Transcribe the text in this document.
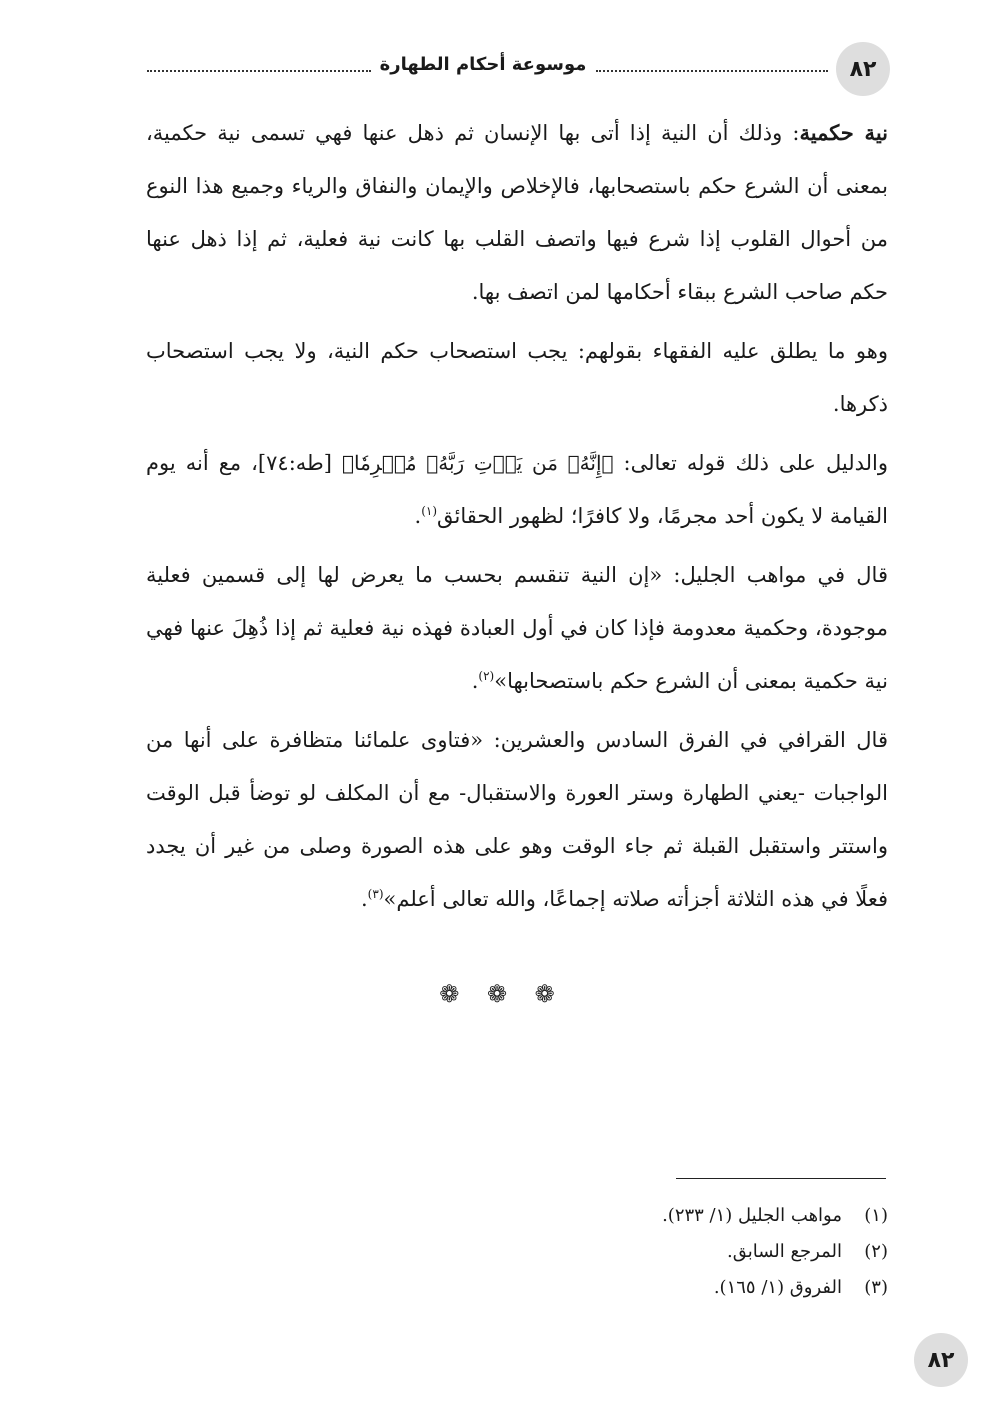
٨٢
موسوعة أحكام الطهارة

نية حكمية: وذلك أن النية إذا أتى بها الإنسان ثم ذهل عنها فهي تسمى نية حكمية، بمعنى أن الشرع حكم باستصحابها، فالإخلاص والإيمان والنفاق والرياء وجميع هذا النوع من أحوال القلوب إذا شرع فيها واتصف القلب بها كانت نية فعلية، ثم إذا ذهل عنها حكم صاحب الشرع ببقاء أحكامها لمن اتصف بها.

وهو ما يطلق عليه الفقهاء بقولهم: يجب استصحاب حكم النية، ولا يجب استصحاب ذكرها.

والدليل على ذلك قوله تعالى: ﴿إِنَّهُۥ مَن يَأۡتِ رَبَّهُۥ مُجۡرِمٗا﴾ [طه:٧٤]، مع أنه يوم القيامة لا يكون أحد مجرمًا، ولا كافرًا؛ لظهور الحقائق$^{(١)}$.

قال في مواهب الجليل: «إن النية تنقسم بحسب ما يعرض لها إلى قسمين فعلية موجودة، وحكمية معدومة فإذا كان في أول العبادة فهذه نية فعلية ثم إذا ذُهِلَ عنها فهي نية حكمية بمعنى أن الشرع حكم باستصحابها»$^{(٢)}$.

قال القرافي في الفرق السادس والعشرين: «فتاوى علمائنا متظافرة على أنها من الواجبات -يعني الطهارة وستر العورة والاستقبال- مع أن المكلف لو توضأ قبل الوقت واستتر واستقبل القبلة ثم جاء الوقت وهو على هذه الصورة وصلى من غير أن يجدد فعلًا في هذه الثلاثة أجزأته صلاته إجماعًا، والله تعالى أعلم»$^{(٣)}$.

❁ ❁ ❁
(١)
مواهب الجليل (١/ ٢٣٣).
(٢)
المرجع السابق.
(٣)
الفروق (١/ ١٦٥).
٨٢
